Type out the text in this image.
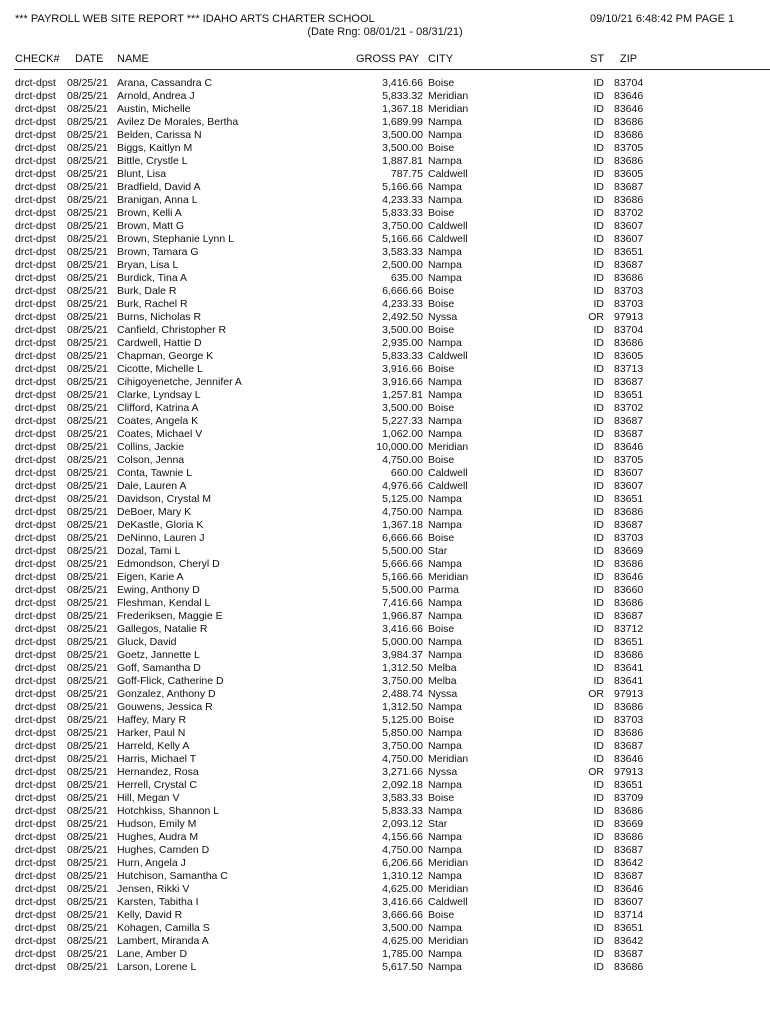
*** PAYROLL WEB SITE REPORT *** IDAHO ARTS CHARTER SCHOOL
(Date Rng: 08/01/21 - 08/31/21)
09/10/21 6:48:42 PM PAGE 1
CHECK# DATE NAME	GROSS PAY CITY	ST ZIP
drct-dpst 08/25/21 Arana, Cassandra C	3,416.66 Boise	ID 83704
drct-dpst 08/25/21 Arnold, Andrea J	5,833.32 Meridian	ID 83646
drct-dpst 08/25/21 Austin, Michelle	1,367.18 Meridian	ID 83646
drct-dpst 08/25/21 Avilez De Morales, Bertha	1,689.99 Nampa	ID 83686
drct-dpst 08/25/21 Belden, Carissa N	3,500.00 Nampa	ID 83686
drct-dpst 08/25/21 Biggs, Kaitlyn M	3,500.00 Boise	ID 83705
drct-dpst 08/25/21 Bittle, Crystle L	1,887.81 Nampa	ID 83686
drct-dpst 08/25/21 Blunt, Lisa	787.75 Caldwell	ID 83605
drct-dpst 08/25/21 Bradfield, David A	5,166.66 Nampa	ID 83687
drct-dpst 08/25/21 Branigan, Anna L	4,233.33 Nampa	ID 83686
drct-dpst 08/25/21 Brown, Kelli A	5,833.33 Boise	ID 83702
drct-dpst 08/25/21 Brown, Matt G	3,750.00 Caldwell	ID 83607
drct-dpst 08/25/21 Brown, Stephanie Lynn L	5,166.66 Caldwell	ID 83607
drct-dpst 08/25/21 Brown, Tamara G	3,583.33 Nampa	ID 83651
drct-dpst 08/25/21 Bryan, Lisa L	2,500.00 Nampa	ID 83687
drct-dpst 08/25/21 Burdick, Tina A	635.00 Nampa	ID 83686
drct-dpst 08/25/21 Burk, Dale R	6,666.66 Boise	ID 83703
drct-dpst 08/25/21 Burk, Rachel R	4,233.33 Boise	ID 83703
drct-dpst 08/25/21 Burns, Nicholas R	2,492.50 Nyssa	OR 97913
drct-dpst 08/25/21 Canfield, Christopher R	3,500.00 Boise	ID 83704
drct-dpst 08/25/21 Cardwell, Hattie D	2,935.00 Nampa	ID 83686
drct-dpst 08/25/21 Chapman, George K	5,833.33 Caldwell	ID 83605
drct-dpst 08/25/21 Cicotte, Michelle L	3,916.66 Boise	ID 83713
drct-dpst 08/25/21 Cihigoyenetche, Jennifer A	3,916.66 Nampa	ID 83687
drct-dpst 08/25/21 Clarke, Lyndsay L	1,257.81 Nampa	ID 83651
drct-dpst 08/25/21 Clifford, Katrina A	3,500.00 Boise	ID 83702
drct-dpst 08/25/21 Coates, Angela K	5,227.33 Nampa	ID 83687
drct-dpst 08/25/21 Coates, Michael V	1,062.00 Nampa	ID 83687
drct-dpst 08/25/21 Collins, Jackie	10,000.00 Meridian	ID 83646
drct-dpst 08/25/21 Colson, Jenna	4,750.00 Boise	ID 83705
drct-dpst 08/25/21 Conta, Tawnie L	660.00 Caldwell	ID 83607
drct-dpst 08/25/21 Dale, Lauren A	4,976.66 Caldwell	ID 83607
drct-dpst 08/25/21 Davidson, Crystal M	5,125.00 Nampa	ID 83651
drct-dpst 08/25/21 DeBoer, Mary K	4,750.00 Nampa	ID 83686
drct-dpst 08/25/21 DeKastle, Gloria K	1,367.18 Nampa	ID 83687
drct-dpst 08/25/21 DeNinno, Lauren J	6,666.66 Boise	ID 83703
drct-dpst 08/25/21 Dozal, Tami L	5,500.00 Star	ID 83669
drct-dpst 08/25/21 Edmondson, Cheryl D	5,666.66 Nampa	ID 83686
drct-dpst 08/25/21 Eigen, Karie A	5,166.66 Meridian	ID 83646
drct-dpst 08/25/21 Ewing, Anthony D	5,500.00 Parma	ID 83660
drct-dpst 08/25/21 Fleshman, Kendal L	7,416.66 Nampa	ID 83686
drct-dpst 08/25/21 Frederiksen, Maggie E	1,966.87 Nampa	ID 83687
drct-dpst 08/25/21 Gallegos, Natalie R	3,416.66 Boise	ID 83712
drct-dpst 08/25/21 Gluck, David	5,000.00 Nampa	ID 83651
drct-dpst 08/25/21 Goetz, Jannette L	3,984.37 Nampa	ID 83686
drct-dpst 08/25/21 Goff, Samantha D	1,312.50 Melba	ID 83641
drct-dpst 08/25/21 Goff-Flick, Catherine D	3,750.00 Melba	ID 83641
drct-dpst 08/25/21 Gonzalez, Anthony D	2,488.74 Nyssa	OR 97913
drct-dpst 08/25/21 Gouwens, Jessica R	1,312.50 Nampa	ID 83686
drct-dpst 08/25/21 Haffey, Mary R	5,125.00 Boise	ID 83703
drct-dpst 08/25/21 Harker, Paul N	5,850.00 Nampa	ID 83686
drct-dpst 08/25/21 Harreld, Kelly A	3,750.00 Nampa	ID 83687
drct-dpst 08/25/21 Harris, Michael T	4,750.00 Meridian	ID 83646
drct-dpst 08/25/21 Hernandez, Rosa	3,271.66 Nyssa	OR 97913
drct-dpst 08/25/21 Herrell, Crystal C	2,092.18 Nampa	ID 83651
drct-dpst 08/25/21 Hill, Megan V	3,583.33 Boise	ID 83709
drct-dpst 08/25/21 Hotchkiss, Shannon L	5,833.33 Nampa	ID 83686
drct-dpst 08/25/21 Hudson, Emily M	2,093.12 Star	ID 83669
drct-dpst 08/25/21 Hughes, Audra M	4,156.66 Nampa	ID 83686
drct-dpst 08/25/21 Hughes, Camden D	4,750.00 Nampa	ID 83687
drct-dpst 08/25/21 Hurn, Angela J	6,206.66 Meridian	ID 83642
drct-dpst 08/25/21 Hutchison, Samantha C	1,310.12 Nampa	ID 83687
drct-dpst 08/25/21 Jensen, Rikki V	4,625.00 Meridian	ID 83646
drct-dpst 08/25/21 Karsten, Tabitha I	3,416.66 Caldwell	ID 83607
drct-dpst 08/25/21 Kelly, David R	3,666.66 Boise	ID 83714
drct-dpst 08/25/21 Kohagen, Camilla S	3,500.00 Nampa	ID 83651
drct-dpst 08/25/21 Lambert, Miranda A	4,625.00 Meridian	ID 83642
drct-dpst 08/25/21 Lane, Amber D	1,785.00 Nampa	ID 83687
drct-dpst 08/25/21 Larson, Lorene L	5,617.50 Nampa	ID 83686
